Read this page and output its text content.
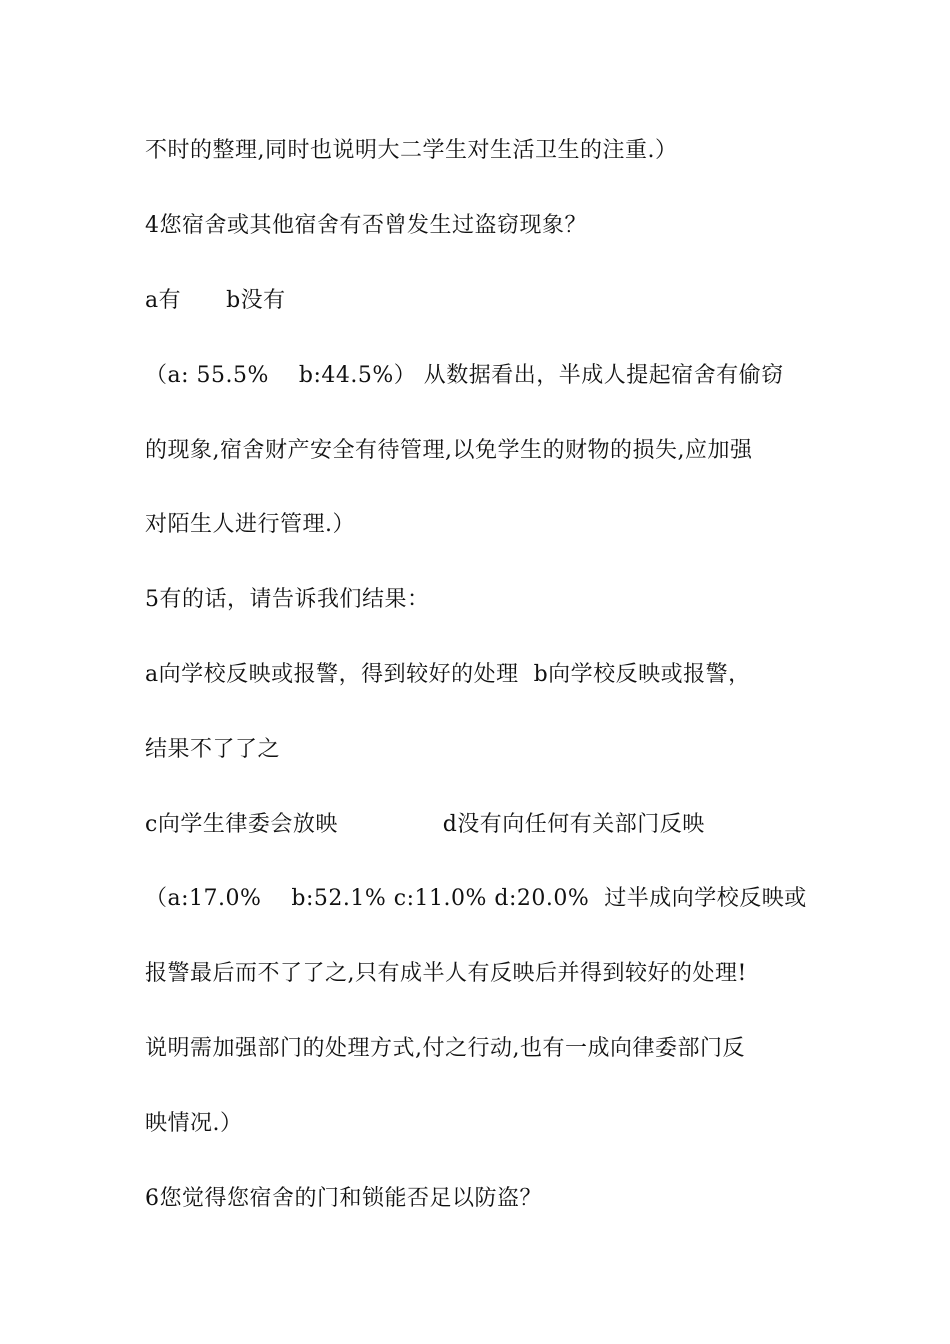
不时的整理,同时也说明大二学生对生活卫生的注重.）
4您宿舍或其他宿舍有否曾发生过盗窃现象？
a有      b没有
（a: 55.5%    b:44.5%） 从数据看出，半成人提起宿舍有偷窃
的现象,宿舍财产安全有待管理,以免学生的财物的损失,应加强
对陌生人进行管理.）
5有的话，请告诉我们结果：
a向学校反映或报警，得到较好的处理  b向学校反映或报警，
结果不了了之
c向学生律委会放映              d没有向任何有关部门反映
（a:17.0%    b:52.1% c:11.0% d:20.0%  过半成向学校反映或
报警最后而不了了之,只有成半人有反映后并得到较好的处理!
说明需加强部门的处理方式,付之行动,也有一成向律委部门反
映情况.）
6您觉得您宿舍的门和锁能否足以防盗？
